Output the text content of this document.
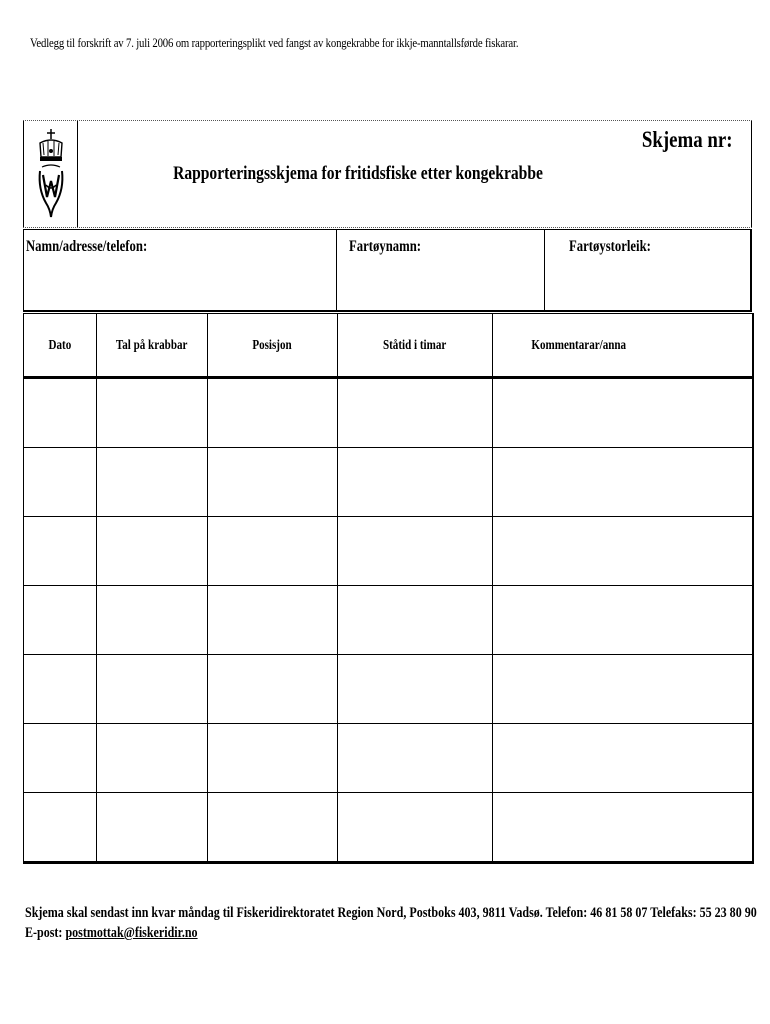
Vedlegg til forskrift av 7. juli 2006 om rapporteringsplikt ved fangst av kongekrabbe for ikkje-manntallsførde fiskarar.
Rapporteringsskjema for fritidsfiske etter kongekrabbe
Skjema nr:
Namn/adresse/telefon:	Fartøynamn:	Fartøystorleik:
Dato	Tal på krabbar	Posisjon	Ståtid i timar	Kommentarar/anna

Skjema skal sendast inn kvar måndag til Fiskeridirektoratet Region Nord, Postboks 403, 9811 Vadsø. Telefon: 46 81 58 07 Telefaks: 55 23 80 90
E-post: postmottak@fiskeridir.no
